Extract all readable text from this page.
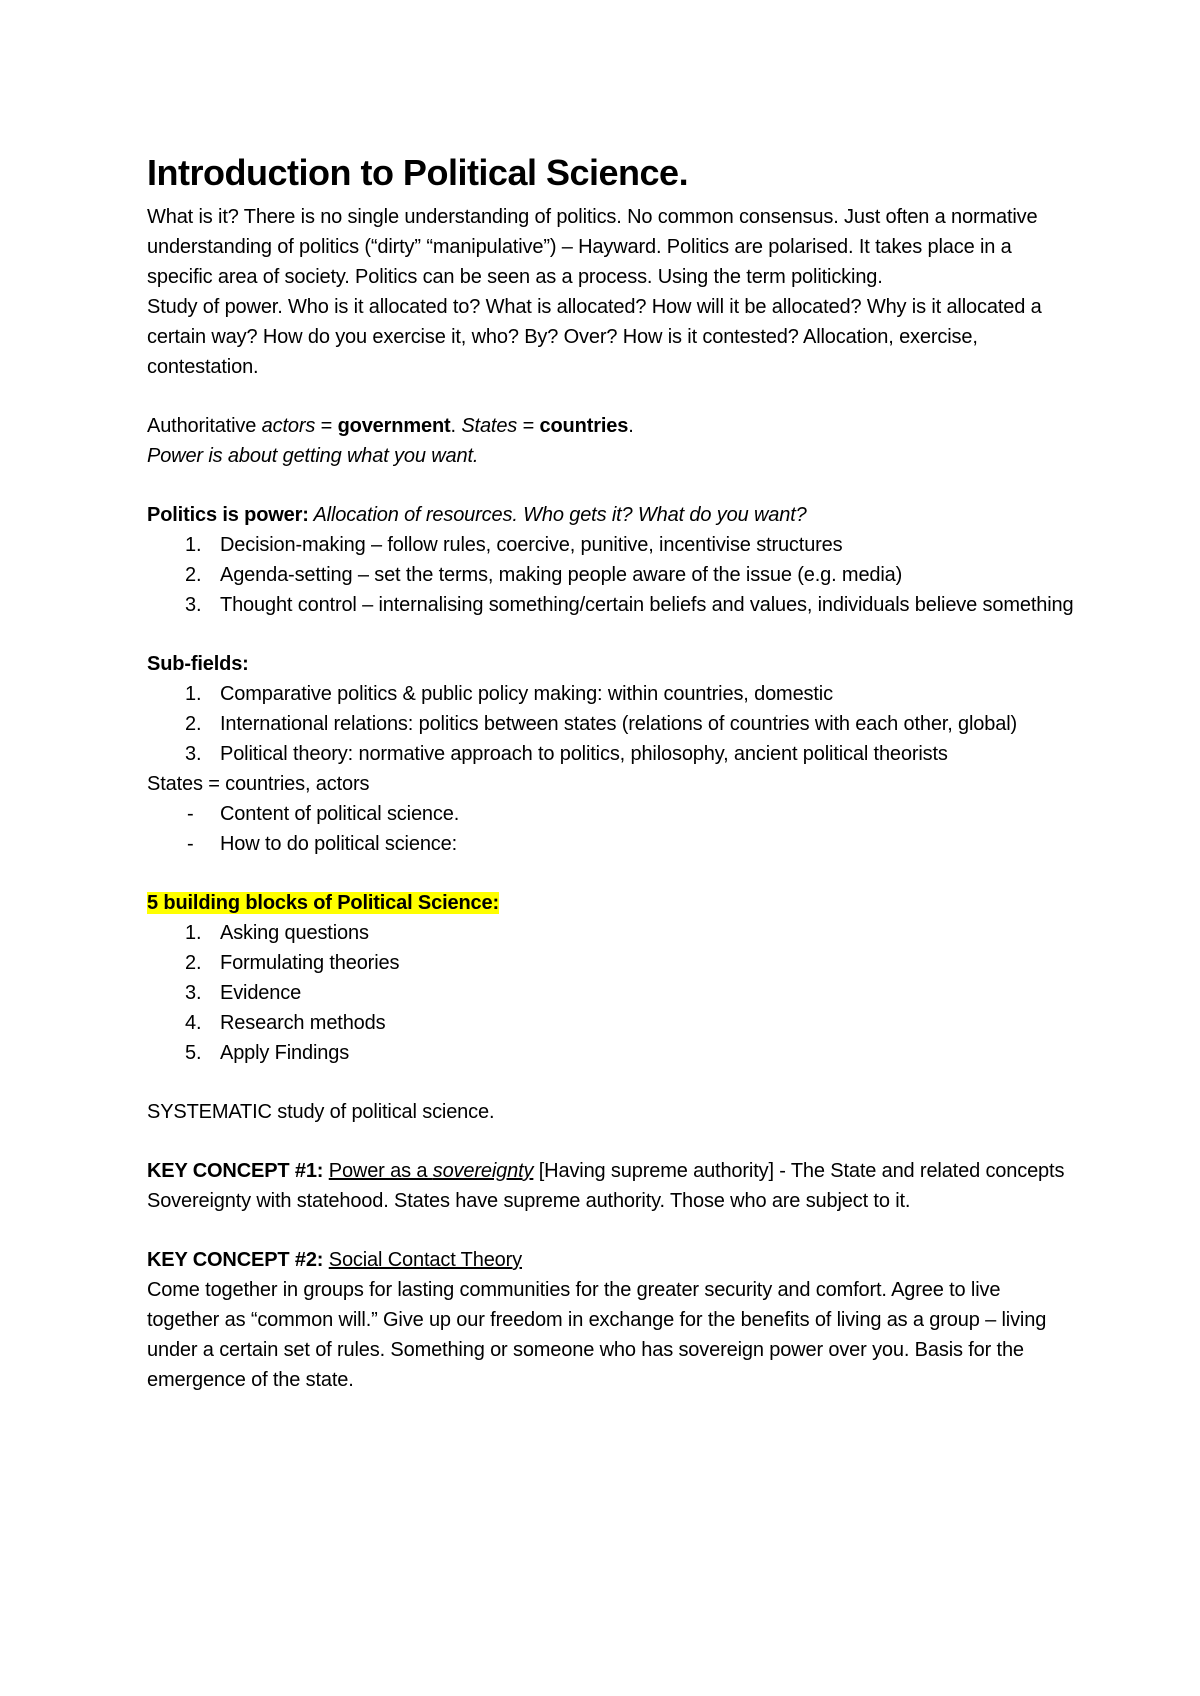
Introduction to Political Science.

What is it? There is no single understanding of politics. No common consensus. Just often a normative understanding of politics (“dirty” “manipulative”) – Hayward. Politics are polarised. It takes place in a specific area of society. Politics can be seen as a process. Using the term politicking.

Study of power. Who is it allocated to? What is allocated? How will it be allocated? Why is it allocated a certain way? How do you exercise it, who? By? Over? How is it contested? Allocation, exercise, contestation.

Authoritative actors = government. States = countries.

Power is about getting what you want.

Politics is power: Allocation of resources. Who gets it? What do you want?

1. Decision-making – follow rules, coercive, punitive, incentivise structures
2. Agenda-setting – set the terms, making people aware of the issue (e.g. media)
3. Thought control – internalising something/certain beliefs and values, individuals believe something

Sub-fields:

1. Comparative politics & public policy making: within countries, domestic
2. International relations: politics between states (relations of countries with each other, global)
3. Political theory: normative approach to politics, philosophy, ancient political theorists

States = countries, actors

- Content of political science.
- How to do political science:

5 building blocks of Political Science:

1. Asking questions
2. Formulating theories
3. Evidence
4. Research methods
5. Apply Findings

SYSTEMATIC study of political science.

KEY CONCEPT #1: Power as a sovereignty [Having supreme authority] - The State and related concepts

Sovereignty with statehood. States have supreme authority. Those who are subject to it.

KEY CONCEPT #2: Social Contact Theory

Come together in groups for lasting communities for the greater security and comfort. Agree to live together as “common will.” Give up our freedom in exchange for the benefits of living as a group – living under a certain set of rules. Something or someone who has sovereign power over you. Basis for the emergence of the state.
